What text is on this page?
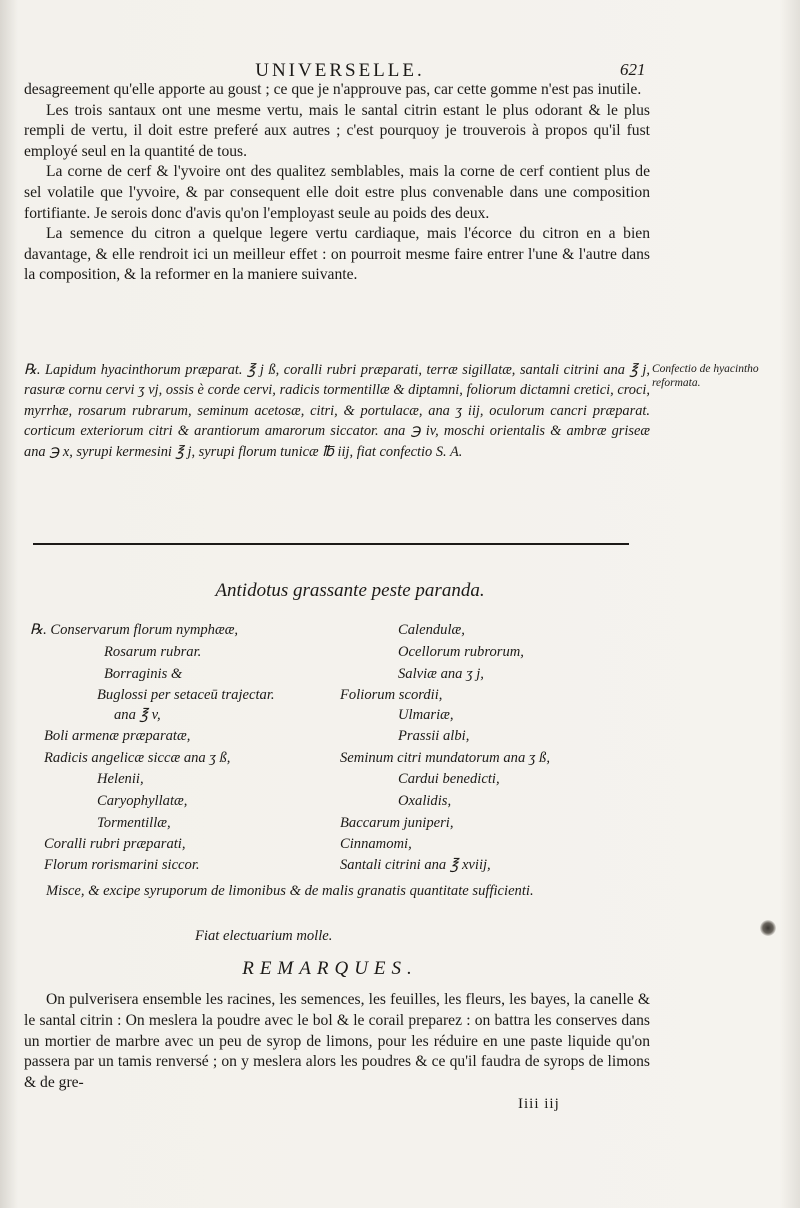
UNIVERSELLE.	621

desagreement qu'elle apporte au goust ; ce que je n'approuve pas, car cette gomme n'est pas inutile.

Les trois santaux ont une mesme vertu, mais le santal citrin estant le plus odorant & le plus rempli de vertu, il doit estre preferé aux autres ; c'est pourquoy je trouverois à propos qu'il fust employé seul en la quantité de tous.

La corne de cerf & l'yvoire ont des qualitez semblables, mais la corne de cerf contient plus de sel volatile que l'yvoire, & par consequent elle doit estre plus convenable dans une composition fortifiante. Je serois donc d'avis qu'on l'employast seule au poids des deux.

La semence du citron a quelque legere vertu cardiaque, mais l'écorce du citron en a bien davantage, & elle rendroit ici un meilleur effet : on pourroit mesme faire entrer l'une & l'autre dans la composition, & la reformer en la maniere suivante.

℞. Lapidum hyacinthorum præparat. ℥ j ß, coralli rubri præparati, terræ sigillatæ, santali citrini ana ℥ j, rasuræ cornu cervi ʒ vj, ossis è corde cervi, radicis tormentillæ & diptamni, foliorum dictamni cretici, croci, myrrhæ, rosarum rubrarum, seminum acetosæ, citri, & portulacæ, ana ʒ iij, oculorum cancri præparat. corticum exteriorum citri & arantiorum amarorum siccator. ana ℈ iv, moschi orientalis & ambræ griseæ ana ℈ x, syrupi kermesini ℥ j, syrupi florum tunicæ ℔ iij, fiat confectio S. A.
Confectio de hyacintho reformata.
Antidotus grassante peste paranda.
℞. Conservarum florum nymphææ,
Rosarum rubrar.
Borraginis &
Buglossi per setaceū trajectar.
ana ℥ v,
Boli armenæ præparatæ,
Radicis angelicæ siccæ ana ʒ ß,
Helenii,
Caryophyllatæ,
Tormentillæ,
Coralli rubri præparati,
Florum rorismarini siccor.
Calendulæ,
Ocellorum rubrorum,
Salviæ ana ʒ j,
Foliorum scordii,
Ulmariæ,
Prassii albi,
Seminum citri mundatorum ana ʒ ß,
Cardui benedicti,
Oxalidis,
Baccarum juniperi,
Cinnamomi,
Santali citrini ana ℥ xviij,
Misce, & excipe syruporum de limonibus & de malis granatis quantitate sufficienti.
Fiat electuarium molle.
REMARQUES.
On pulverisera ensemble les racines, les semences, les feuilles, les fleurs, les bayes, la canelle & le santal citrin : On meslera la poudre avec le bol & le corail preparez : on battra les conserves dans un mortier de marbre avec un peu de syrop de limons, pour les réduire en une paste liquide qu'on passera par un tamis renversé ; on y meslera alors les poudres & ce qu'il faudra de syrops de limons & de gre-
Iiii iij
